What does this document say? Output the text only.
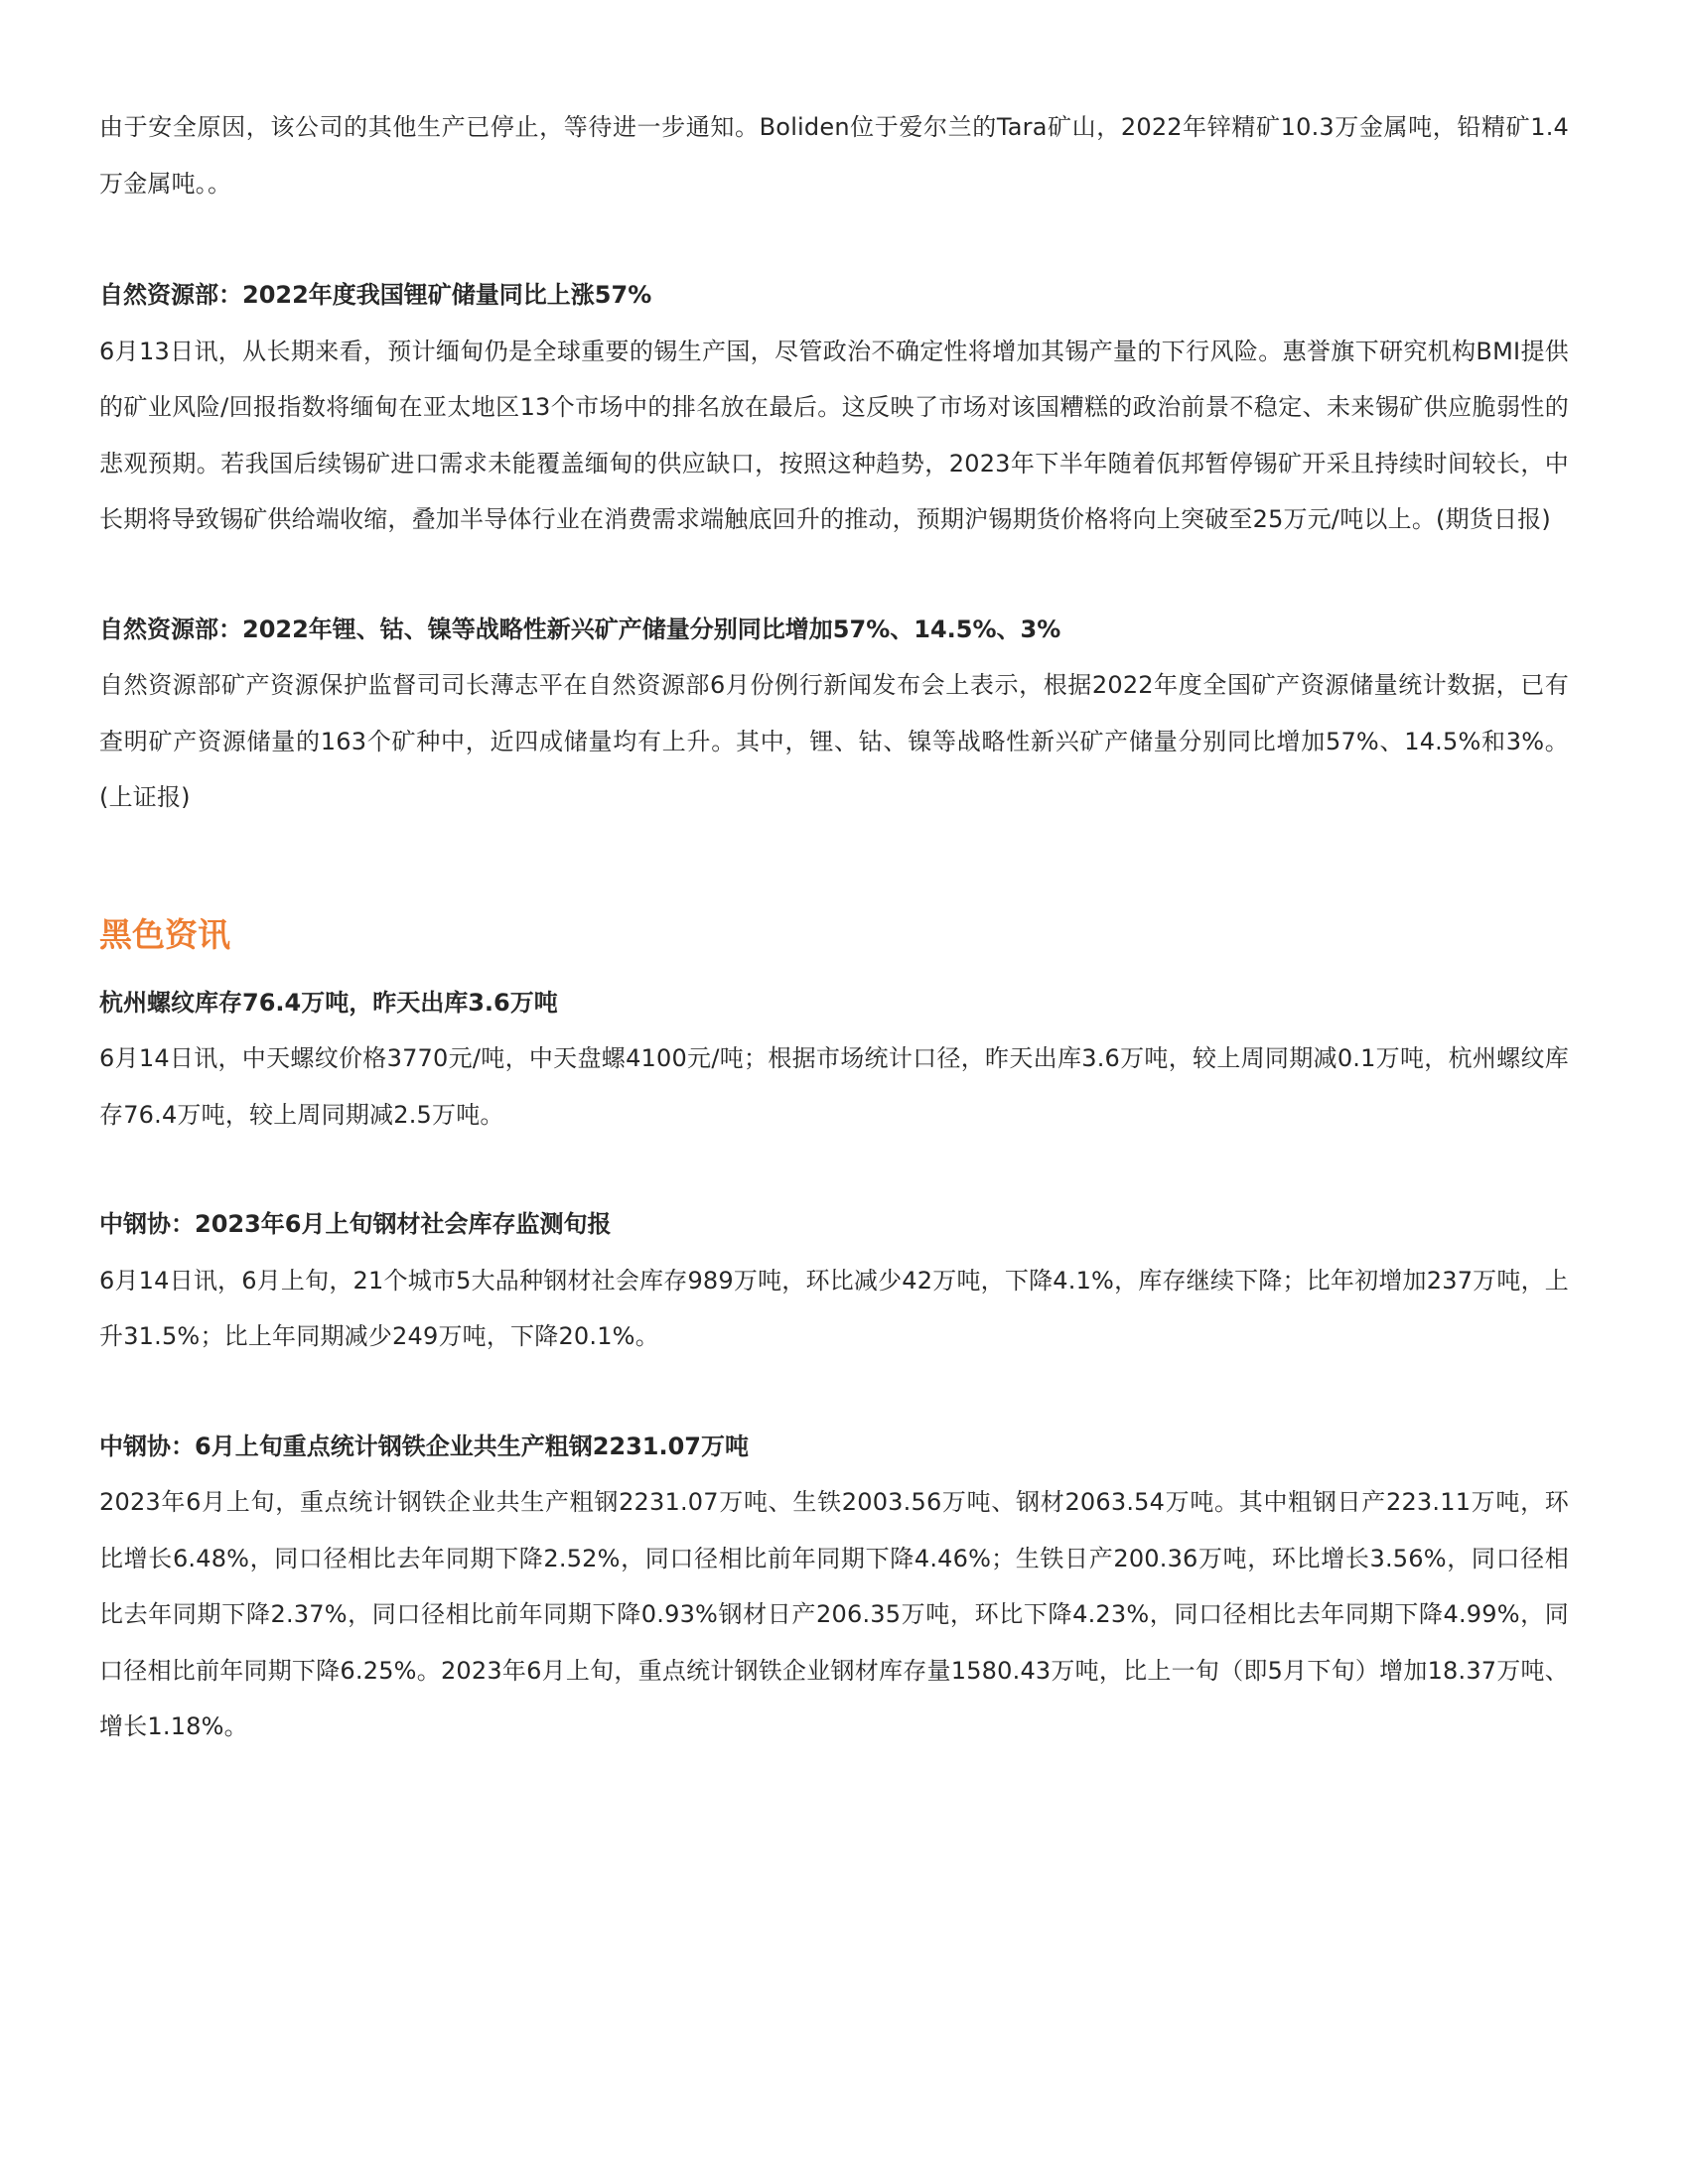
由于安全原因，该公司的其他生产已停止，等待进一步通知。Boliden位于爱尔兰的Tara矿山，2022年锌精矿10.3万金属吨，铅精矿1.4万金属吨。。

自然资源部：2022年度我国锂矿储量同比上涨57%

6月13日讯，从长期来看，预计缅甸仍是全球重要的锡生产国，尽管政治不确定性将增加其锡产量的下行风险。惠誉旗下研究机构BMI提供的矿业风险/回报指数将缅甸在亚太地区13个市场中的排名放在最后。这反映了市场对该国糟糕的政治前景不稳定、未来锡矿供应脆弱性的悲观预期。若我国后续锡矿进口需求未能覆盖缅甸的供应缺口，按照这种趋势，2023年下半年随着佤邦暂停锡矿开采且持续时间较长，中长期将导致锡矿供给端收缩，叠加半导体行业在消费需求端触底回升的推动，预期沪锡期货价格将向上突破至25万元/吨以上。(期货日报)

自然资源部：2022年锂、钴、镍等战略性新兴矿产储量分别同比增加57%、14.5%、3%

自然资源部矿产资源保护监督司司长薄志平在自然资源部6月份例行新闻发布会上表示，根据2022年度全国矿产资源储量统计数据，已有查明矿产资源储量的163个矿种中，近四成储量均有上升。其中，锂、钴、镍等战略性新兴矿产储量分别同比增加57%、14.5%和3%。(上证报)

黑色资讯
杭州螺纹库存76.4万吨，昨天出库3.6万吨

6月14日讯，中天螺纹价格3770元/吨，中天盘螺4100元/吨；根据市场统计口径，昨天出库3.6万吨，较上周同期减0.1万吨，杭州螺纹库存76.4万吨，较上周同期减2.5万吨。

中钢协：2023年6月上旬钢材社会库存监测旬报

6月14日讯，6月上旬，21个城市5大品种钢材社会库存989万吨，环比减少42万吨，下降4.1%，库存继续下降；比年初增加237万吨，上升31.5%；比上年同期减少249万吨，下降20.1%。

中钢协：6月上旬重点统计钢铁企业共生产粗钢2231.07万吨

2023年6月上旬，重点统计钢铁企业共生产粗钢2231.07万吨、生铁2003.56万吨、钢材2063.54万吨。其中粗钢日产223.11万吨，环比增长6.48%，同口径相比去年同期下降2.52%，同口径相比前年同期下降4.46%；生铁日产200.36万吨，环比增长3.56%，同口径相比去年同期下降2.37%，同口径相比前年同期下降0.93%钢材日产206.35万吨，环比下降4.23%，同口径相比去年同期下降4.99%，同口径相比前年同期下降6.25%。2023年6月上旬，重点统计钢铁企业钢材库存量1580.43万吨，比上一旬（即5月下旬）增加18.37万吨、增长1.18%。
